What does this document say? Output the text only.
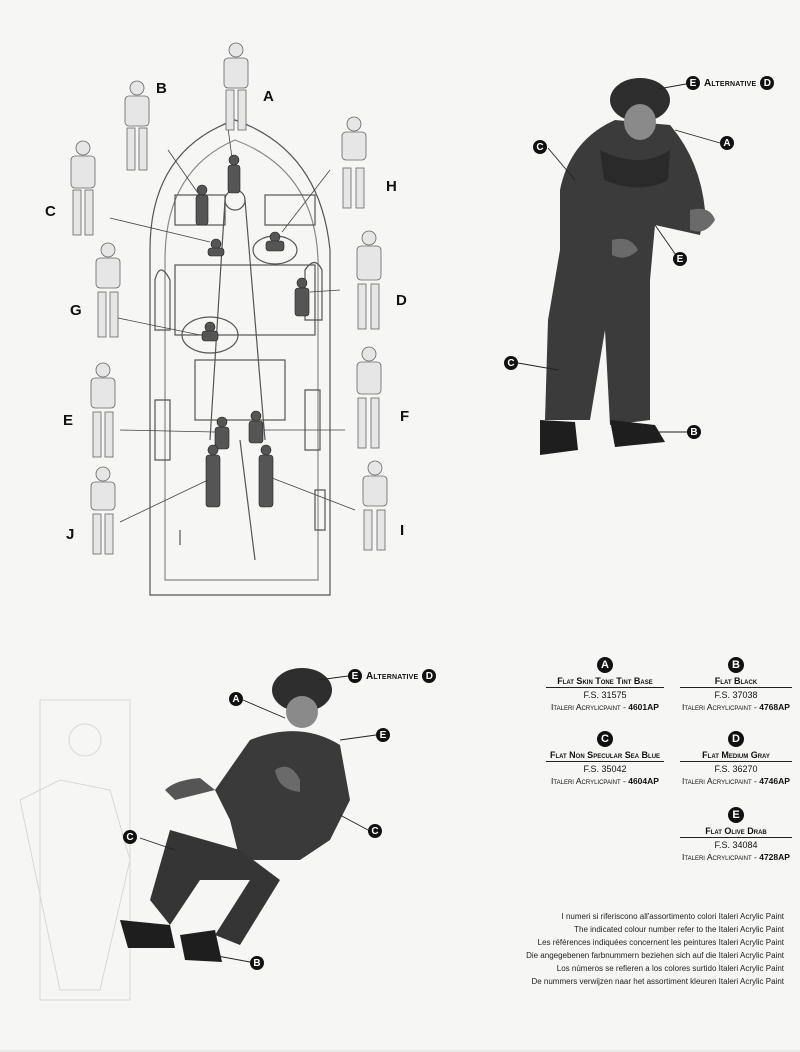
A
B
C
D
E	F
G
H
I
J
E Alternative D
A
C
E
C
B
E Alternative D
A
E
C
C
B
A
Flat Skin Tone Tint Base
F.S. 31575
Italeri Acrylicpaint - 4601AP
B
Flat Black
F.S. 37038
Italeri Acrylicpaint - 4768AP
C
Flat Non Specular Sea Blue
F.S. 35042
Italeri Acrylicpaint - 4604AP
D
Flat Medium Gray
F.S. 36270
Italeri Acrylicpaint - 4746AP
E
Flat Olive Drab
F.S. 34084
Italeri Acrylicpaint - 4728AP
I numeri si riferiscono all'assortimento colori Italeri Acrylic Paint
The indicated colour number refer to the Italeri Acrylic Paint
Les références indiquées concernent les peintures Italeri Acrylic Paint
Die angegebenen farbnummern beziehen sich auf die Italeri Acrylic Paint
Los números se refieren a los colores surtido Italeri Acrylic Paint
De nummers verwijzen naar het assortiment kleuren Italeri Acrylic Paint
